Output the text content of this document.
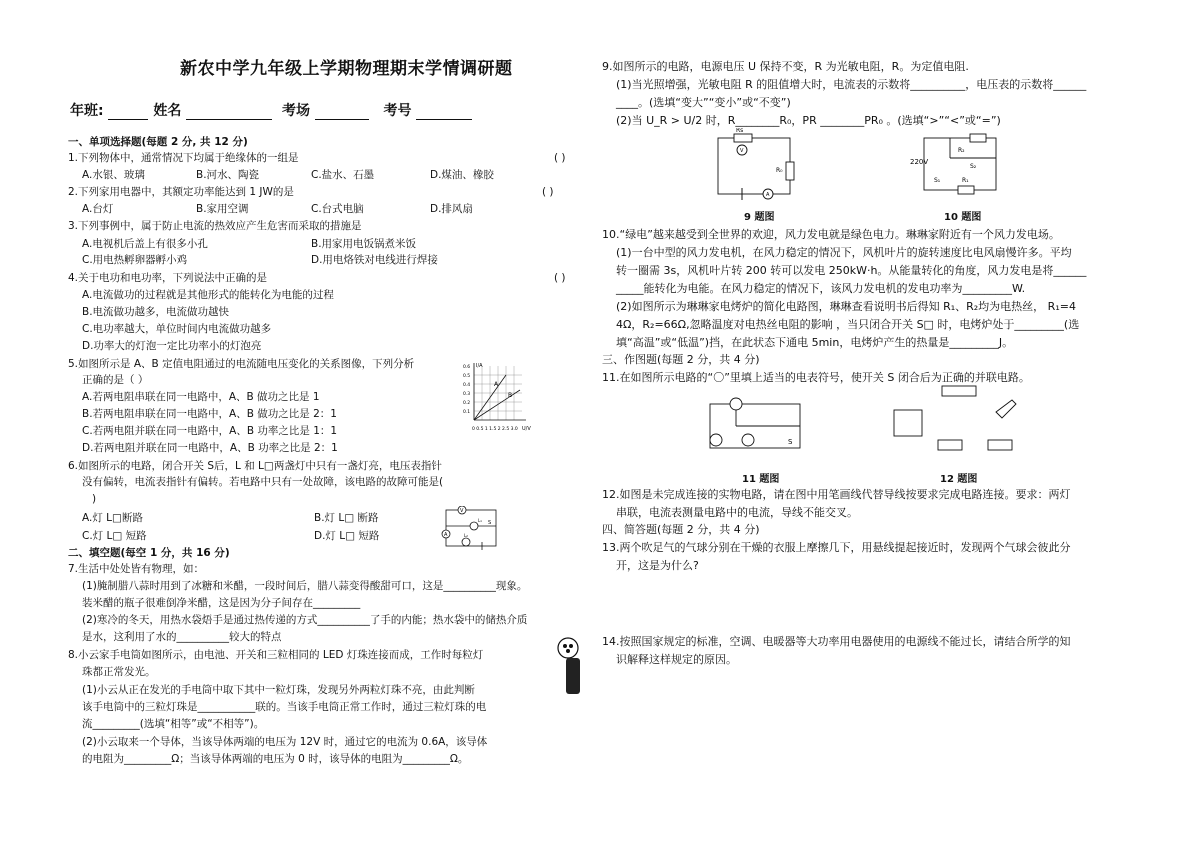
新农中学九年级上学期物理期末学情调研题
年班:	姓名	考场	考号
一、单项选择题(每题 2 分, 共 12 分)
1.下列物体中，通常情况下均属于绝缘体的一组是
A.水银、玻璃	B.河水、陶瓷	C.盐水、石墨	D.煤油、橡胶
2.下列家用电器中，其额定功率能达到 1 JW的是
A.台灯	B.家用空调	C.台式电脑	D.排风扇
3.下列事例中，属于防止电流的热效应产生危害而采取的措施是
A.电视机后盖上有很多小孔	B.用家用电饭锅煮米饭
C.用电热孵卵器孵小鸡	D.用电烙铁对电线进行焊接
4.关于电功和电功率，下列说法中正确的是
A.电流做功的过程就是其他形式的能转化为电能的过程
B.电流做功越多，电流做功越快
C.电功率越大，单位时间内电流做功越多
D.功率大的灯泡一定比功率小的灯泡亮
5.如图所示是 A、B 定值电阻通过的电流随电压变化的关系图像，下列分析
正确的是（ ）
A.若两电阻串联在同一电路中，A、B 做功之比是 1
B.若两电阻串联在同一电路中，A、B 做功之比是 2：1
C.若两电阻并联在同一电路中，A、B 功率之比是 1：1
D.若两电阻并联在同一电路中，A、B 功率之比是 2：1
6.如图所示的电路，闭合开关 S后，L 和 L□两盏灯中只有一盏灯亮，电压表指针
没有偏转，电流表指针有偏转。若电路中只有一处故障，该电路的故障可能是(
)
A.灯 L□断路	B.灯 L□ 断路
C.灯 L□ 短路	D.灯 L□ 短路
二、填空题(每空 1 分，共 16 分)
7.生活中处处皆有物理，如：
(1)腌制腊八蒜时用到了冰糖和米醋，一段时间后，腊八蒜变得酸甜可口，这是__________现象。
装米醋的瓶子很难倒净米醋，这是因为分子间存在_________
(2)寒冷的冬天，用热水袋焐手是通过热传递的方式__________了手的内能；热水袋中的储热介质
是水，这利用了水的__________较大的特点
8.小云家手电筒如图所示，由电池、开关和三粒相同的 LED 灯珠连接而成，工作时每粒灯
珠都正常发光。
(1)小云从正在发光的手电筒中取下其中一粒灯珠，发现另外两粒灯珠不亮，由此判断
该手电筒中的三粒灯珠是___________联的。当该手电筒正常工作时，通过三粒灯珠的电
流_________(选填“相等”或“不相等”)。
(2)小云取来一个导体，当该导体两端的电压为 12V 时，通过它的电流为 0.6A，该导体
的电阻为_________Ω；当该导体两端的电压为 0 时，该导体的电阻为_________Ω。
9.如图所示的电路，电源电压 U 保持不变，R 为光敏电阻，R。为定值电阻.
(1)当光照增强，光敏电阻 R 的阻值增大时，电流表的示数将__________，电压表的示数将______
____。(选填“变大”“变小”或“不变”)
(2)当 U_R > U/2 时，R________R₀，PR ________PR₀ 。(选填“>”“<”或“=”)
10.“绿电”越来越受到全世界的欢迎，风力发电就是绿色电力。琳琳家附近有一个风力发电场。
(1)一台中型的风力发电机，在风力稳定的情况下，风机叶片的旋转速度比电风扇慢许多。平均
转一圈需 3s，风机叶片转 200 转可以发电 250kW·h。从能量转化的角度，风力发电是将______
_____能转化为电能。在风力稳定的情况下，该风力发电机的发电功率为_________W.
(2)如图所示为琳琳家电烤炉的简化电路图，琳琳查看说明书后得知 R₁、R₂均为电热丝， R₁=4
4Ω，R₂=66Ω,忽略温度对电热丝电阻的影响 ，当只闭合开关 S□ 时，电烤炉处于_________(选
填“高温”或“低温”)挡，在此状态下通电 5min，电烤炉产生的热量是_________J。
三、作图题(每题 2 分，共 4 分)
11.在如图所示电路的“〇”里填上适当的电表符号，使开关 S 闭合后为正确的并联电路。
12.如图是未完成连接的实物电路，请在图中用笔画线代替导线按要求完成电路连接。要求：两灯
串联，电流表测量电路中的电流，导线不能交叉。
四、简答题(每题 2 分，共 4 分)
13.两个吹足气的气球分别在干燥的衣服上摩擦几下，用悬线提起接近时，发现两个气球会彼此分
开，这是为什么?
14.按照国家规定的标准，空调、电暖器等大功率用电器使用的电源线不能过长，请结合所学的知
识解释这样规定的原因。
( )
( )
( )
I/A
U/V
0 0.5 1 1.5 2 2.5 3.0
A
B
0.6
0.5
0.4
0.3
0.2
0.1
V
A
S
L₁
L₂
Rs
V
R₀
A
9 题图
R₂
S₂
220V
R₁
S₁
10 题图
S
11 题图	12 题图
